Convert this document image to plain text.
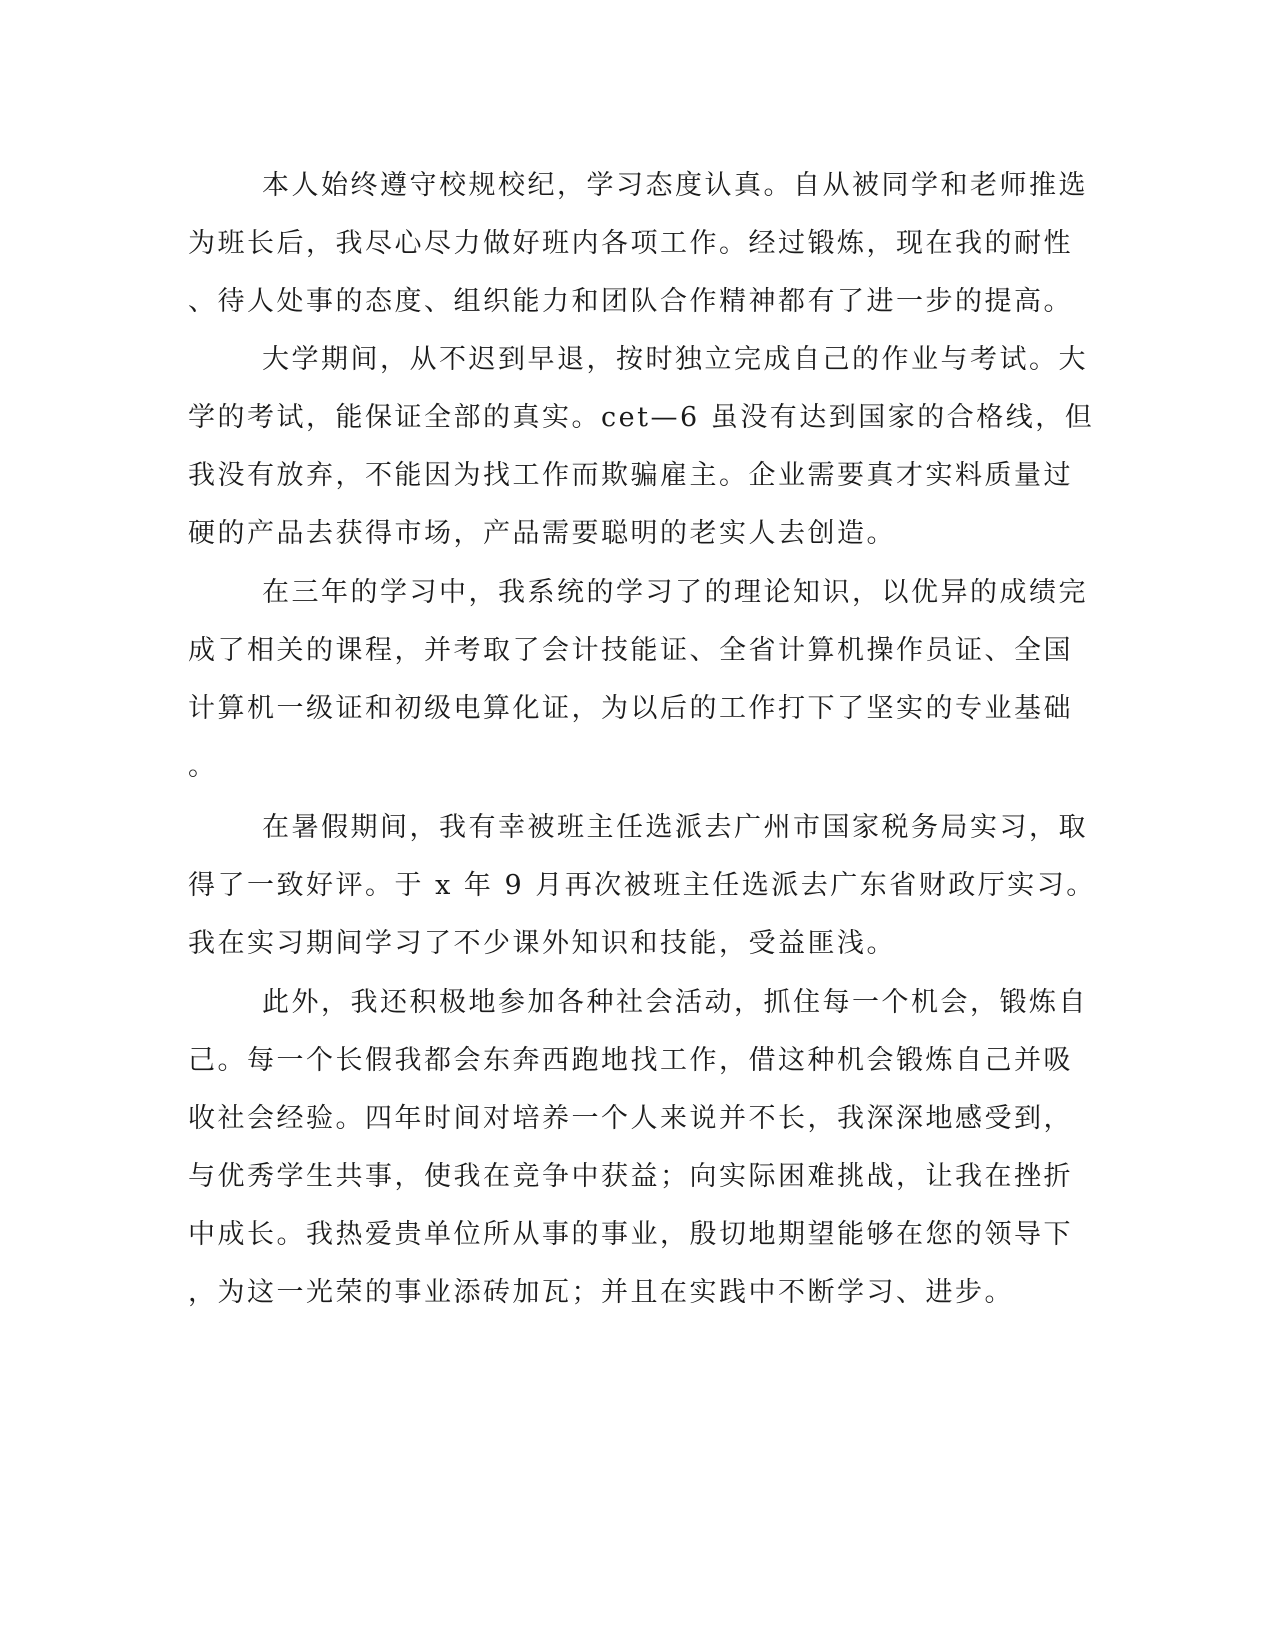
本人始终遵守校规校纪，学习态度认真。自从被同学和老师推选
为班长后，我尽心尽力做好班内各项工作。经过锻炼，现在我的耐性
、待人处事的态度、组织能力和团队合作精神都有了进一步的提高。
大学期间，从不迟到早退，按时独立完成自己的作业与考试。大
学的考试，能保证全部的真实。cet—6 虽没有达到国家的合格线，但
我没有放弃，不能因为找工作而欺骗雇主。企业需要真才实料质量过
硬的产品去获得市场，产品需要聪明的老实人去创造。
在三年的学习中，我系统的学习了的理论知识，以优异的成绩完
成了相关的课程，并考取了会计技能证、全省计算机操作员证、全国
计算机一级证和初级电算化证，为以后的工作打下了坚实的专业基础
。
在暑假期间，我有幸被班主任选派去广州市国家税务局实习，取
得了一致好评。于 x 年 9 月再次被班主任选派去广东省财政厅实习。
我在实习期间学习了不少课外知识和技能，受益匪浅。
此外，我还积极地参加各种社会活动，抓住每一个机会，锻炼自
己。每一个长假我都会东奔西跑地找工作，借这种机会锻炼自己并吸
收社会经验。四年时间对培养一个人来说并不长，我深深地感受到，
与优秀学生共事，使我在竞争中获益；向实际困难挑战，让我在挫折
中成长。我热爱贵单位所从事的事业，殷切地期望能够在您的领导下
，为这一光荣的事业添砖加瓦；并且在实践中不断学习、进步。
